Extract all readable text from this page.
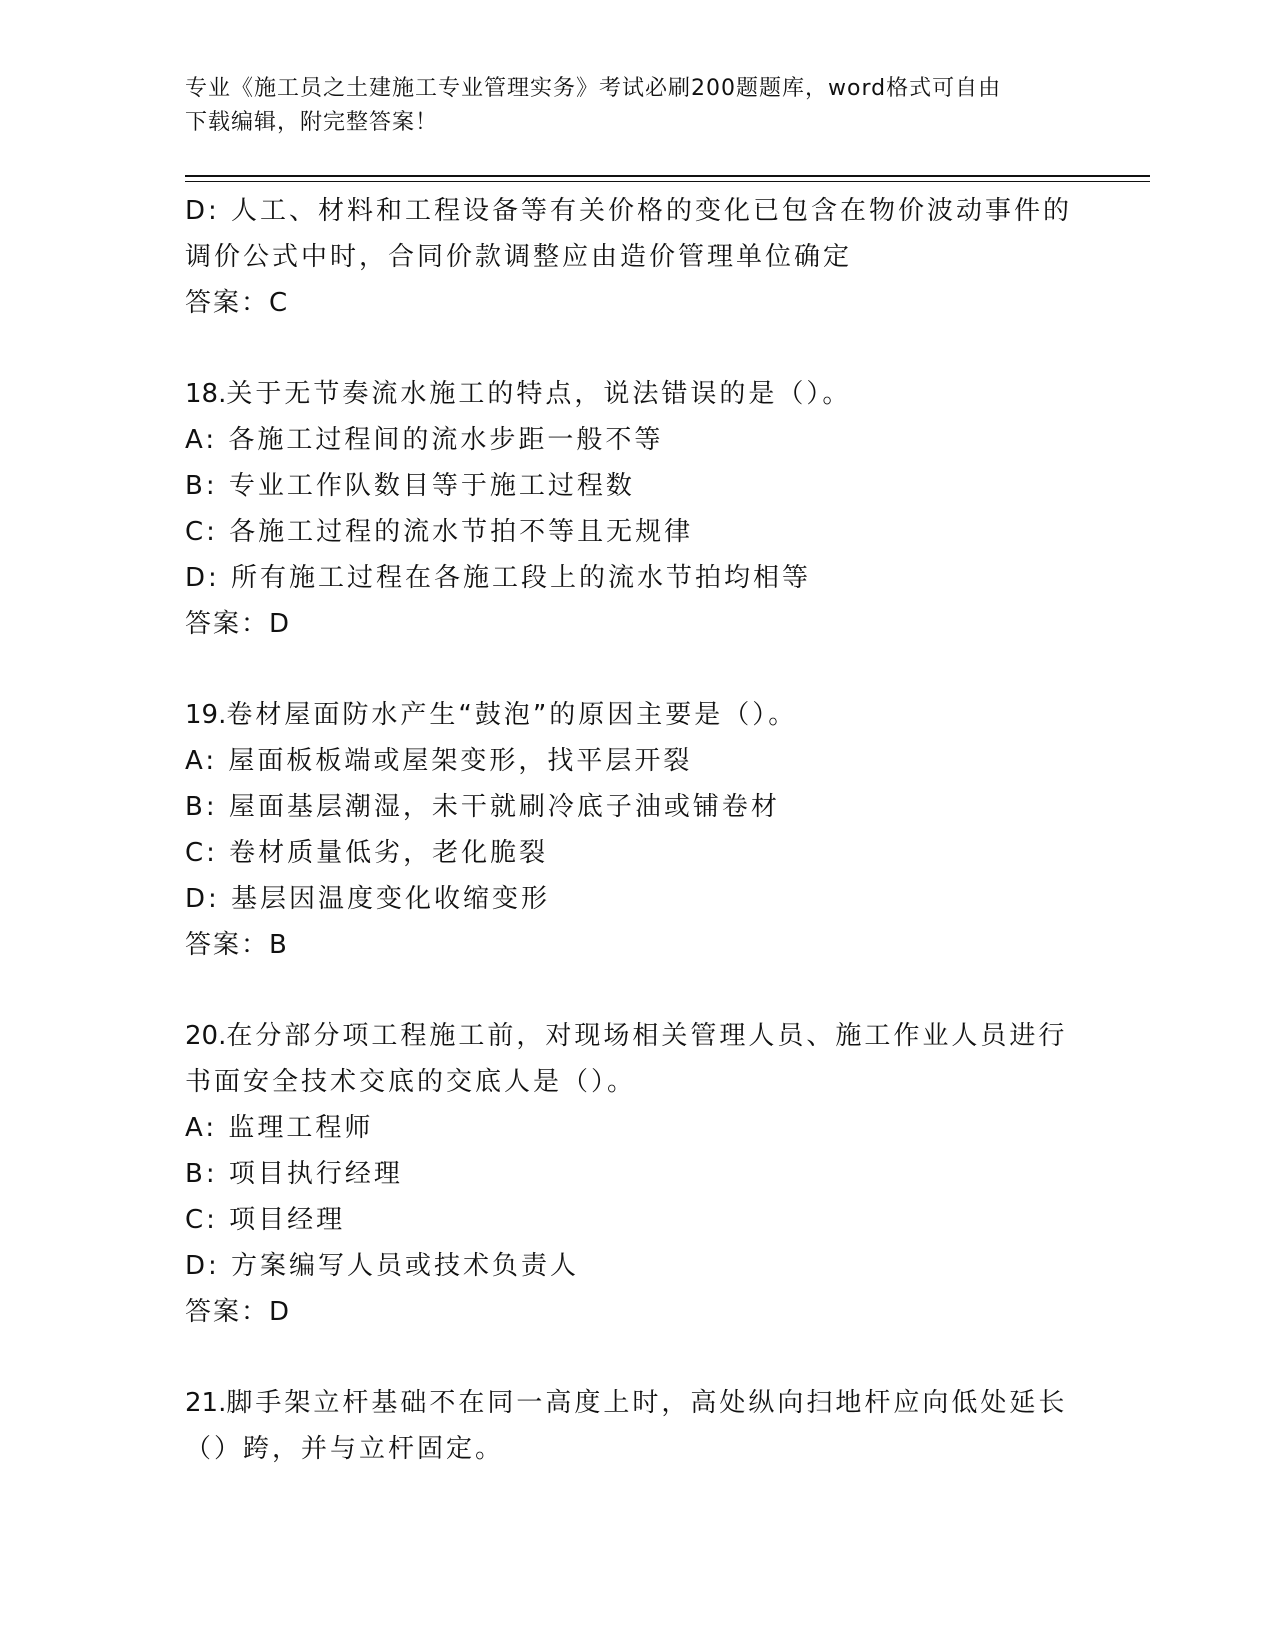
专业《施工员之土建施工专业管理实务》考试必刷200题题库，word格式可自由
下载编辑，附完整答案！
D: 人工、材料和工程设备等有关价格的变化已包含在物价波动事件的
调价公式中时，合同价款调整应由造价管理单位确定
答案：C
18.关于无节奏流水施工的特点，说法错误的是（）。
A: 各施工过程间的流水步距一般不等
B: 专业工作队数目等于施工过程数
C: 各施工过程的流水节拍不等且无规律
D: 所有施工过程在各施工段上的流水节拍均相等
答案：D
19.卷材屋面防水产生“鼓泡”的原因主要是（）。
A: 屋面板板端或屋架变形，找平层开裂
B: 屋面基层潮湿，未干就刷冷底子油或铺卷材
C: 卷材质量低劣，老化脆裂
D: 基层因温度变化收缩变形
答案：B
20.在分部分项工程施工前，对现场相关管理人员、施工作业人员进行
书面安全技术交底的交底人是（）。
A: 监理工程师
B: 项目执行经理
C: 项目经理
D: 方案编写人员或技术负责人
答案：D
21.脚手架立杆基础不在同一高度上时，高处纵向扫地杆应向低处延长
（）跨，并与立杆固定。
